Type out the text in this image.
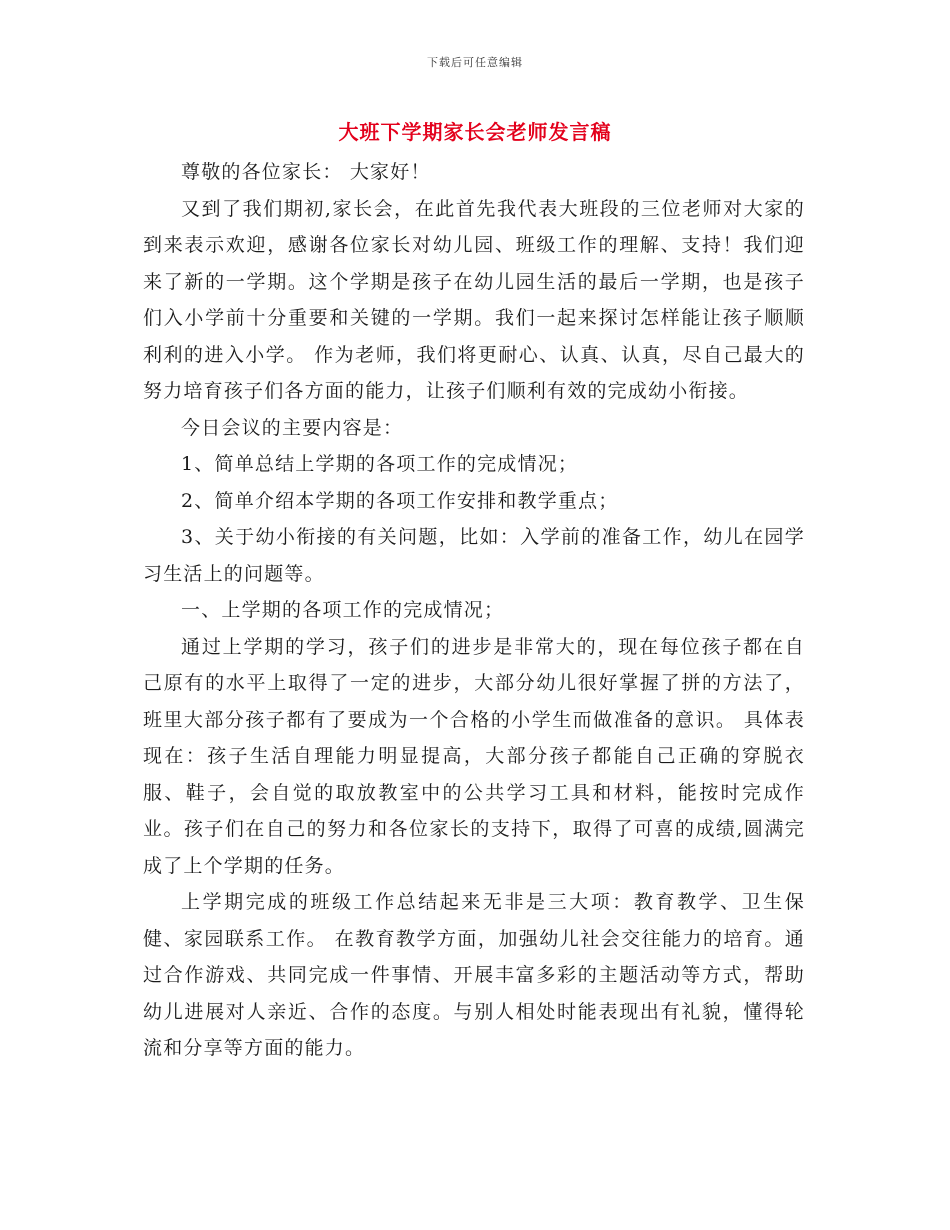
下载后可任意编辑
大班下学期家长会老师发言稿

尊敬的各位家长： 大家好！

又到了我们期初,家长会，在此首先我代表大班段的三位老师对大家的到来表示欢迎，感谢各位家长对幼儿园、班级工作的理解、支持！我们迎来了新的一学期。这个学期是孩子在幼儿园生活的最后一学期，也是孩子们入小学前十分重要和关键的一学期。我们一起来探讨怎样能让孩子顺顺利利的进入小学。 作为老师，我们将更耐心、认真、认真，尽自己最大的努力培育孩子们各方面的能力，让孩子们顺利有效的完成幼小衔接。

今日会议的主要内容是：

1、简单总结上学期的各项工作的完成情况；

2、简单介绍本学期的各项工作安排和教学重点；

3、关于幼小衔接的有关问题，比如：入学前的准备工作，幼儿在园学习生活上的问题等。

一、上学期的各项工作的完成情况；

通过上学期的学习，孩子们的进步是非常大的，现在每位孩子都在自己原有的水平上取得了一定的进步，大部分幼儿很好掌握了拼的方法了，班里大部分孩子都有了要成为一个合格的小学生而做准备的意识。 具体表现在：孩子生活自理能力明显提高，大部分孩子都能自己正确的穿脱衣服、鞋子，会自觉的取放教室中的公共学习工具和材料，能按时完成作业。孩子们在自己的努力和各位家长的支持下，取得了可喜的成绩,圆满完成了上个学期的任务。

上学期完成的班级工作总结起来无非是三大项：教育教学、卫生保健、家园联系工作。 在教育教学方面，加强幼儿社会交往能力的培育。通过合作游戏、共同完成一件事情、开展丰富多彩的主题活动等方式，帮助幼儿进展对人亲近、合作的态度。与别人相处时能表现出有礼貌，懂得轮流和分享等方面的能力。
